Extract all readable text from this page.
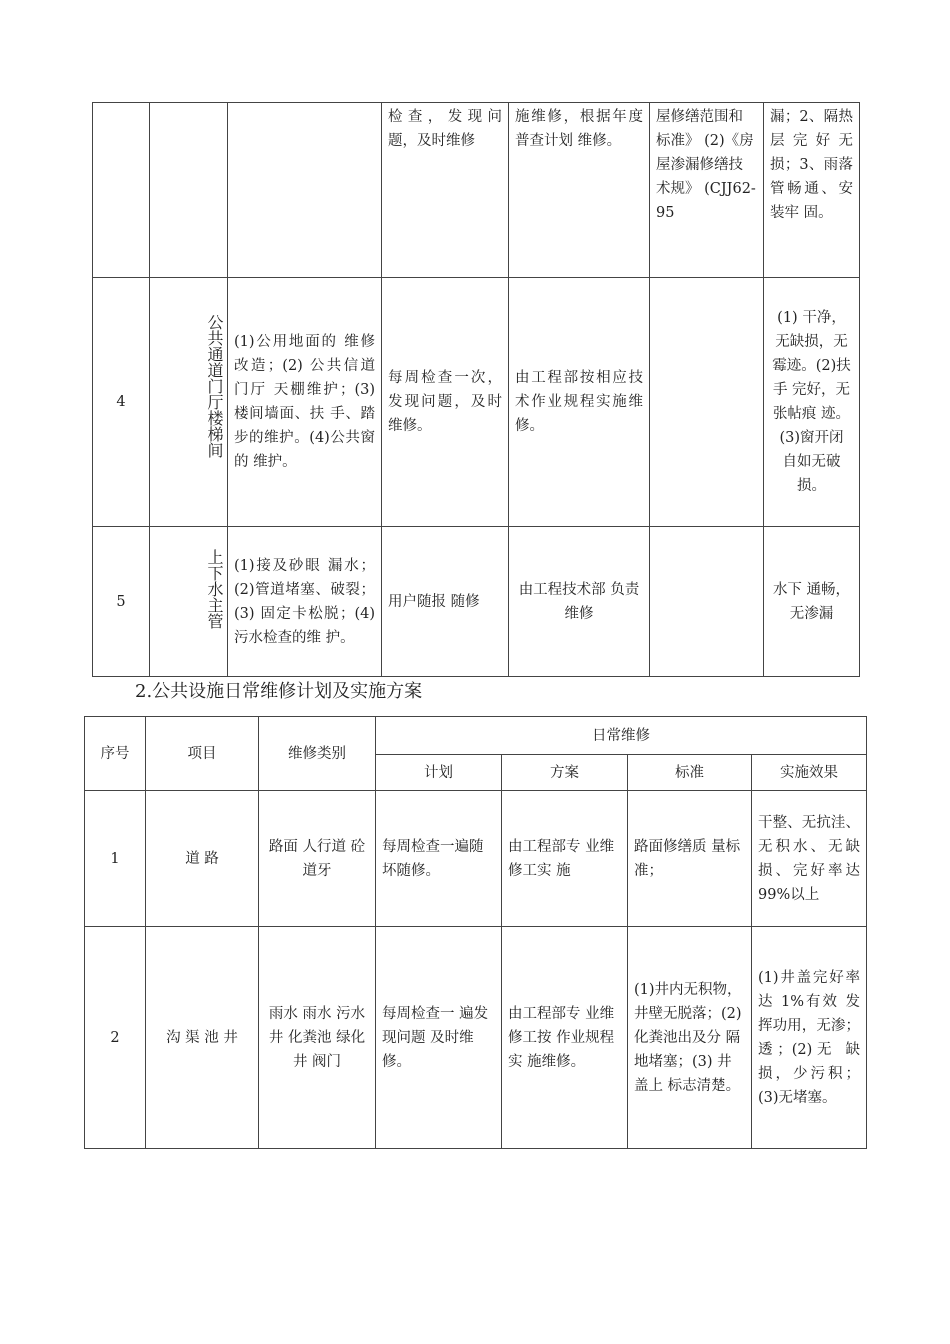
			检查，发现问题，及时维修	施维修，根据年度普查计划 维修。	屋修缮范围和标准》 (2)《房屋渗漏修缮技术规》 (CJJ62-95	漏；2、隔热层完好无损；3、雨落管畅通、安装牢 固。
4	公共通道门厅楼梯间	(1)公用地面的 维修改造；(2) 公共信道门厅 天棚维护；(3)楼间墙面、扶 手、踏步的维护。(4)公共窗的 维护。	每周检查一次，发现问题，及时维修。	由工程部按相应技术作业规程实施维修。		(1) 干净，无缺损，无霉迹。(2)扶手 完好，无张帖痕 迹。(3)窗开闭 自如无破损。
5	上下水主管	(1)接及砂眼 漏水；(2)管道堵塞、破裂；(3) 固定卡松脱；(4) 污水检查的维 护。	用户随报 随修	由工程技术部 负责维修		水下 通畅，无渗漏
2.公共设施日常维修计划及实施方案
序号	项目	维修类别	日常维修			
			计划	方案	标准	实施效果
1	道 路	路面 人行道 砼道牙	每周检查一遍随坏随修。	由工程部专 业维修工实 施	路面修缮质 量标准；	干整、无抗洼、无积水、无缺损、完好率达99%以上
2	沟 渠 池 井	雨水 雨水 污水井 化粪池 绿化井 阀门	每周检查一 遍发现问题 及时维修。	由工程部专 业维修工按 作业规程实 施维修。	(1)井内无积物，井壁无脱落；(2)化粪池出及分 隔地堵塞；(3) 井盖上 标志清楚。	(1)井盖完好率达 1%有效 发挥功用，无渗；透；(2)无 缺损，少污积；(3)无堵塞。
